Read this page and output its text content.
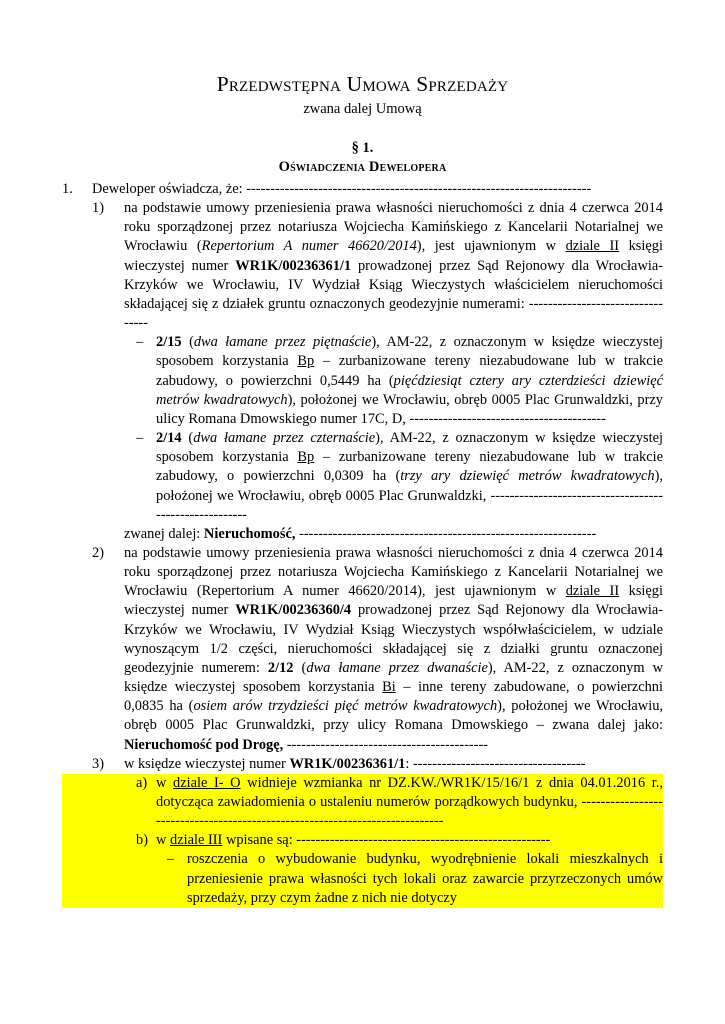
Przedwstępna Umowa Sprzedaży
zwana dalej Umową
§ 1.
Oświadczenia Dewelopera
1.	Deweloper oświadcza, że: ------------------------------------------------------------------------
1)	na podstawie umowy przeniesienia prawa własności nieruchomości z dnia 4 czerwca 2014 roku sporządzonej przez notariusza Wojciecha Kamińskiego z Kancelarii Notarialnej we Wrocławiu (Repertorium A numer 46620/2014), jest ujawnionym w dziale II księgi wieczystej numer WR1K/00236361/1 prowadzonej przez Sąd Rejonowy dla Wrocławia-Krzyków we Wrocławiu, IV Wydział Ksiąg Wieczystych właścicielem nieruchomości składającej się z działek gruntu oznaczonych geodezyjnie numerami: ---------------------------------
– 2/15 (dwa łamane przez piętnaście), AM-22, z oznaczonym w księdze wieczystej sposobem korzystania Bp – zurbanizowane tereny niezabudowane lub w trakcie zabudowy, o powierzchni 0,5449 ha (pięćdziesiąt cztery ary czterdzieści dziewięć metrów kwadratowych), położonej we Wrocławiu, obręb 0005 Plac Grunwaldzki, przy ulicy Romana Dmowskiego numer 17C, D, -----------------------------------------
– 2/14 (dwa łamane przez czternaście), AM-22, z oznaczonym w księdze wieczystej sposobem korzystania Bp – zurbanizowane tereny niezabudowane lub w trakcie zabudowy, o powierzchni 0,0309 ha (trzy ary dziewięć metrów kwadratowych), położonej we Wrocławiu, obręb 0005 Plac Grunwaldzki, -------------------------------------------------------
zwanej dalej: Nieruchomość, --------------------------------------------------------------
2)	na podstawie umowy przeniesienia prawa własności nieruchomości z dnia 4 czerwca 2014 roku sporządzonej przez notariusza Wojciecha Kamińskiego z Kancelarii Notarialnej we Wrocławiu (Repertorium A numer 46620/2014), jest ujawnionym w dziale II księgi wieczystej numer WR1K/00236360/4 prowadzonej przez Sąd Rejonowy dla Wrocławia-Krzyków we Wrocławiu, IV Wydział Ksiąg Wieczystych współwłaścicielem, w udziale wynoszącym 1/2 części, nieruchomości składającej się z działki gruntu oznaczonej geodezyjnie numerem: 2/12 (dwa łamane przez dwanaście), AM-22, z oznaczonym w księdze wieczystej sposobem korzystania Bi – inne tereny zabudowane, o powierzchni 0,0835 ha (osiem arów trzydzieści pięć metrów kwadratowych), położonej we Wrocławiu, obręb 0005 Plac Grunwaldzki, przy ulicy Romana Dmowskiego – zwana dalej jako: Nieruchomość pod Drogę, ------------------------------------------
3)	w księdze wieczystej numer WR1K/00236361/1: ------------------------------------
a) w dziale I- O widnieje wzmianka nr DZ.KW./WR1K/15/16/1 z dnia 04.01.2016 r., dotycząca zawiadomienia o ustaleniu numerów porządkowych budynku, -----------------------------------------------------------------------------
b) w dziale III wpisane są: -----------------------------------------------------
– roszczenia o wybudowanie budynku, wyodrębnienie lokali mieszkalnych i przeniesienie prawa własności tych lokali oraz zawarcie przyrzeczonych umów sprzedaży, przy czym żadne z nich nie dotyczy
